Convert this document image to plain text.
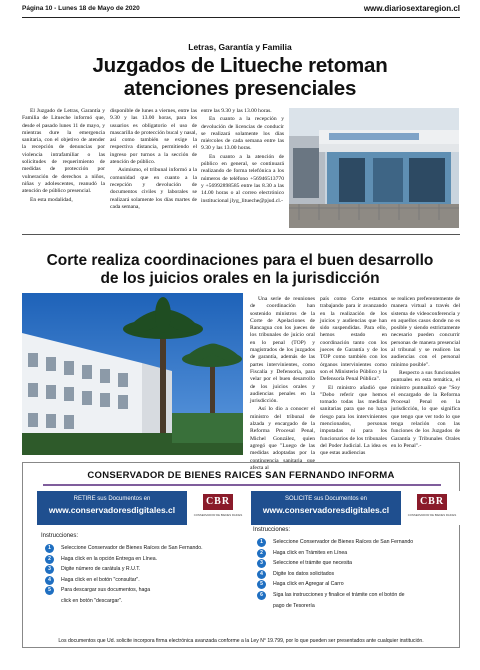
Página 10 - Lunes 18 de Mayo de 2020	www.diariosextaregion.cl
Letras, Garantía y Familia
Juzgados de Litueche retoman
atenciones presenciales

El Juzgado de Letras, Garantía y Familia de Litueche informó que, desde el pasado lunes 11 de mayo, y mientras dure la emergencia sanitaria, con el objetivo de atender la recepción de denuncias por violencia intrafamiliar o las solicitudes de requerimiento de medidas de protección por vulneración de derechos a niños, niñas y adolescentes, reanudó la atención de público presencial.

En esta modalidad,

disponible de lunes a viernes, entre las 9.30 y las 13.00 horas, para los usuarios es obligatorio el uso de mascarilla de protección bucal y nasal, así como también se exige la respectiva distancia, permitiendo el ingreso por turnos a la sección de atención de público.

Asimismo, el tribunal informó a la comunidad que en cuanto a la recepción y devolución de documentos civiles y laborales se realizará solamente los días martes de cada semana,

entre las 9.30 y las 13.00 horas.

En cuanto a la recepción y devolución de licencias de conducir se realizará solamente los días miércoles de cada semana entre las 9.30 y las 13.00 horas.

En cuanto a la atención de público en general, se continuará realizando de forma telefónica a los números de teléfono +56946513770 y +56992898585 entre las 8.30 a las 14.00 horas o al correo electrónico institucional jlyg_litueche@pjud.cl.-

Corte realiza coordinaciones para el buen desarrollo
de los juicios orales en la jurisdicción

Una serie de reuniones de coordinación han sostenido ministros de la Corte de Apelaciones de Rancagua con los jueces de los tribunales de juicio oral en lo penal (TOP) y magistrados de los juzgados de garantía, además de las partes intervinientes, como Fiscalía y Defensoría, para velar por el buen desarrollo de los juicios orales y audiencias penales en la jurisdicción.

Así lo dio a conocer el ministro del tribunal de alzada y encargado de la Reforma Procesal Penal, Michel González, quien agregó que "Luego de las medidas adoptadas por la contingencia sanitaria que afecta al

país como Corte estamos trabajando para ir avanzando en la realización de los juicios y audiencias que han sido suspendidas. Para ello, hemos estado en coordinación tanto con los jueces de Garantía y de los TOP como también con los órganos intervinientes como son el Ministerio Público y la Defensoría Penal Pública".

El ministro añadió que "Debo referir que hemos tomado todas las medidas sanitarias para que no haya riesgo para los intervinientes mencionados, personas imputadas ni para los funcionarios de los tribunales del Poder Judicial. La idea es que estas audiencias

se realicen preferentemente de manera virtual a través del sistema de videoconferencia y en aquellos casos donde no es posible y siendo estrictamente necesario pueden concurrir personas de manera presencial al tribunal y se realicen las audiencias con el personal mínimo posible".

Respecto a sus funcionales puntuales en esta temática, el ministro puntualizó que "Soy el encargado de la Reforma Procesal Penal en la jurisdicción, lo que significa que tengo que ver todo lo que tenga relación con las funciones de los Juzgados de Garantía y Tribunales Orales en lo Penal".-

CONSERVADOR DE BIENES RAICES SAN FERNANDO INFORMA
RETIRE sus Documentos en
www.conservadoresdigitales.cl
CBR
CONSERVADOR DE BIENES RAICES
Instrucciones:
1	Seleccione Conservador de Bienes Raíces de San Fernando.
2	Haga click en la opción Entrega en Línea.
3	Digite número de carátula y R.U.T.
4	Haga click en el botón "consultar".
5	Para descargar sus documentos, haga
click en botón "descargar".
SOLICITE sus Documentos en
www.conservadoresdigitales.cl
CBR
CONSERVADOR DE BIENES RAICES
Instrucciones:
1	Seleccione Conservador de Bienes Raíces de San Fernando
2	Haga click en Trámites en Línea
3	Seleccione el trámite que necesita
4	Digite los datos solicitados
5	Haga click en Agregar al Carro
6	Siga las instrucciones y finalice el trámite con el botón de
pago de Tesorería
Los documentos que Ud. solicite incorpora firma electrónica avanzada conforme a la Ley N° 19.799, por lo que pueden ser presentados ante cualquier institución.
